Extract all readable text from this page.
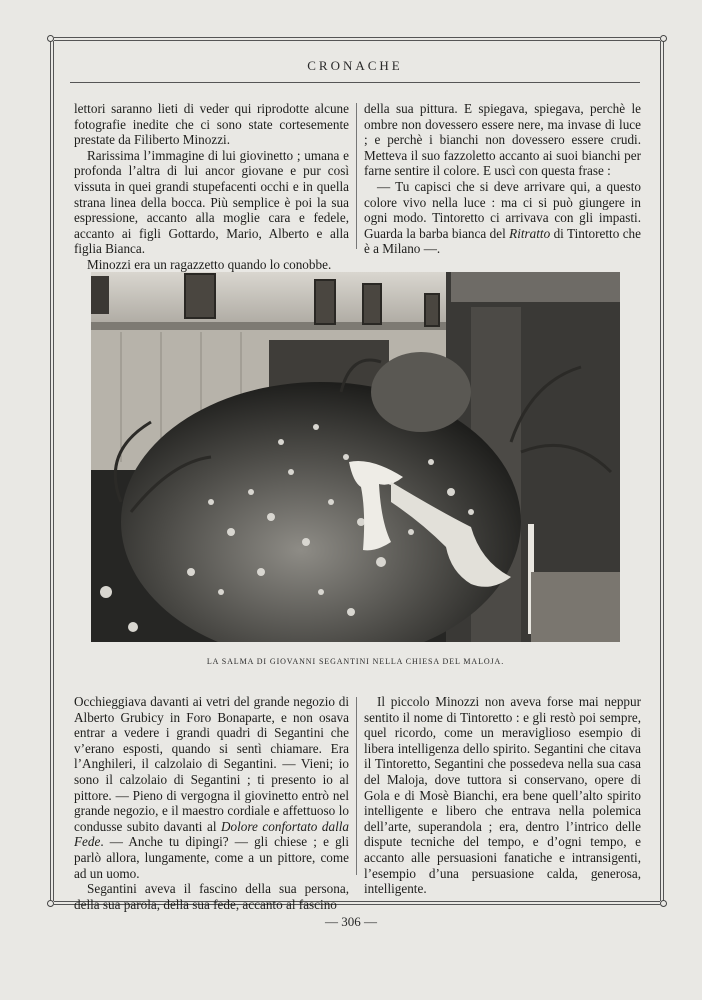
CRONACHE

lettori saranno lieti di veder qui riprodotte alcune fotografie inedite che ci sono state cortesemente prestate da Filiberto Minozzi.

Rarissima l’immagine di lui giovinetto ; umana e profonda l’altra di lui ancor giovane e pur così vissuta in quei grandi stupefacenti occhi e in quella strana linea della bocca. Più semplice è poi la sua espressione, accanto alla moglie cara e fedele, accanto ai figli Gottardo, Mario, Alberto e alla figlia Bianca.

Minozzi era un ragazzetto quando lo conobbe.

della sua pittura. E spiegava, spiegava, perchè le ombre non dovessero essere nere, ma invase di luce ; e perchè i bianchi non dovessero essere crudi. Metteva il suo fazzoletto accanto ai suoi bianchi per farne sentire il colore. E uscì con questa frase :

— Tu capisci che si deve arrivare qui, a questo colore vivo nella luce : ma ci si può giungere in ogni modo. Tintoretto ci arrivava con gli impasti. Guarda la barba bianca del Ritratto di Tintoretto che è a Milano —.

LA SALMA DI GIOVANNI SEGANTINI NELLA CHIESA DEL MALOJA.

Occhieggiava davanti ai vetri del grande negozio di Alberto Grubicy in Foro Bonaparte, e non osava entrar a vedere i grandi quadri di Segantini che v’erano esposti, quando si sentì chiamare. Era l’Anghileri, il calzolaio di Segantini. — Vieni; io sono il calzolaio di Segantini ; ti presento io al pittore. — Pieno di vergogna il giovinetto entrò nel grande negozio, e il maestro cordiale e affettuoso lo condusse subito davanti al Dolore confortato dalla Fede. — Anche tu dipingi? — gli chiese ; e gli parlò allora, lungamente, come a un pittore, come ad un uomo.

Segantini aveva il fascino della sua persona, della sua parola, della sua fede, accanto al fascino

Il piccolo Minozzi non aveva forse mai neppur sentito il nome di Tintoretto : e gli restò poi sempre, quel ricordo, come un meraviglioso esempio di libera intelligenza dello spirito. Segantini che citava il Tintoretto, Segantini che possedeva nella sua casa del Maloja, dove tuttora si conservano, opere di Gola e di Mosè Bianchi, era bene quell’alto spirito intelligente e libero che entrava nella polemica dell’arte, superandola ; era, dentro l’intrico delle dispute tecniche del tempo, e d’ogni tempo, e accanto alle persuasioni fanatiche e intransigenti, l’esempio d’una persuasione calda, generosa, intelligente.

— 306 —
